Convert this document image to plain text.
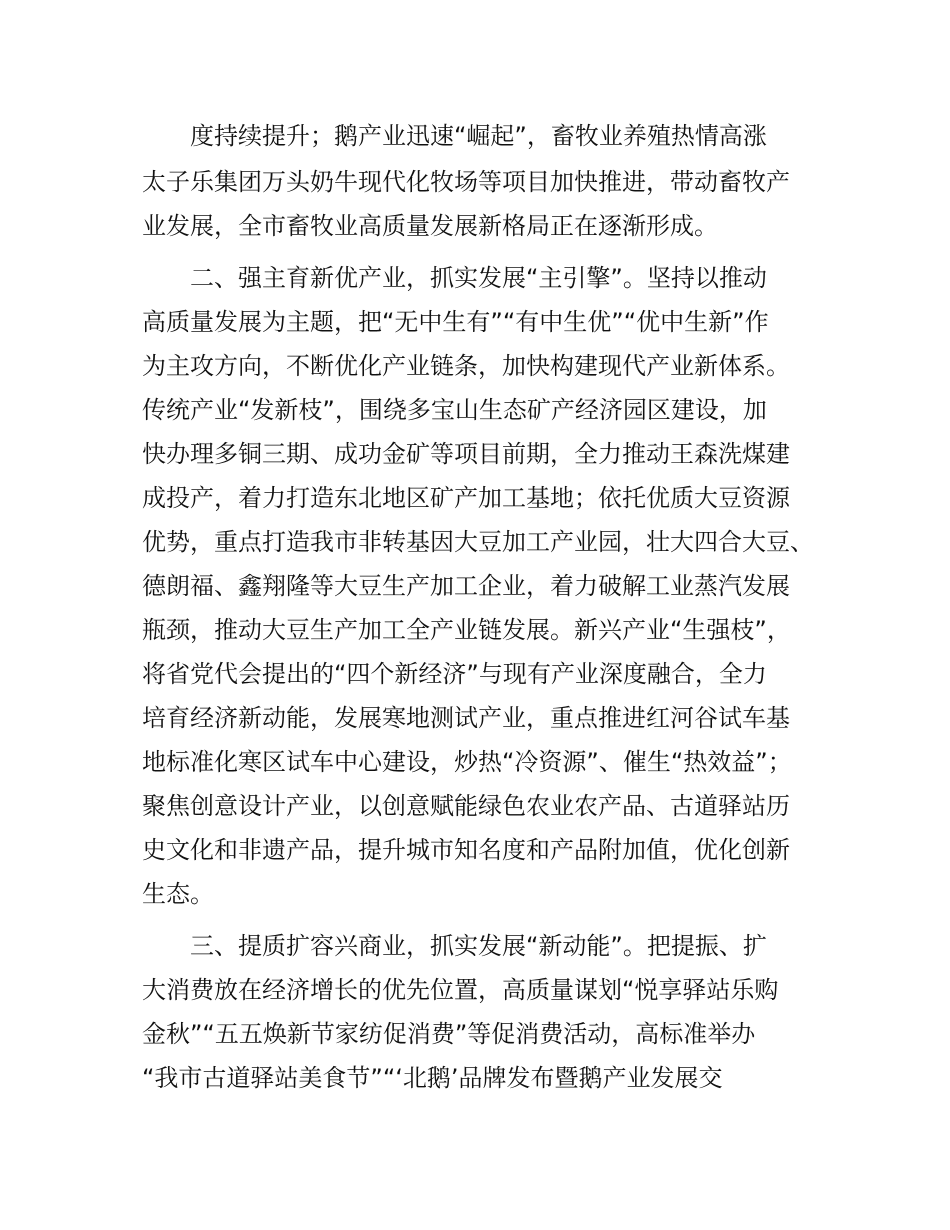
度持续提升；鹅产业迅速“崛起”，畜牧业养殖热情高涨

太子乐集团万头奶牛现代化牧场等项目加快推进，带动畜牧产

业发展，全市畜牧业高质量发展新格局正在逐渐形成。

二、强主育新优产业，抓实发展“主引擎”。坚持以推动

高质量发展为主题，把“无中生有”“有中生优”“优中生新”作

为主攻方向，不断优化产业链条，加快构建现代产业新体系。

传统产业“发新枝”，围绕多宝山生态矿产经济园区建设，加

快办理多铜三期、成功金矿等项目前期，全力推动王森洗煤建

成投产，着力打造东北地区矿产加工基地；依托优质大豆资源

优势，重点打造我市非转基因大豆加工产业园，壮大四合大豆、

德朗福、鑫翔隆等大豆生产加工企业，着力破解工业蒸汽发展

瓶颈，推动大豆生产加工全产业链发展。新兴产业“生强枝”，

将省党代会提出的“四个新经济”与现有产业深度融合，全力

培育经济新动能，发展寒地测试产业，重点推进红河谷试车基

地标准化寒区试车中心建设，炒热“冷资源”、催生“热效益”；

聚焦创意设计产业，以创意赋能绿色农业农产品、古道驿站历

史文化和非遗产品，提升城市知名度和产品附加值，优化创新

生态。

三、提质扩容兴商业，抓实发展“新动能”。把提振、扩

大消费放在经济增长的优先位置，高质量谋划“悦享驿站乐购

金秋”“五五焕新节家纺促消费”等促消费活动，高标准举办

“我市古道驿站美食节”“‘北鹅’品牌发布暨鹅产业发展交
